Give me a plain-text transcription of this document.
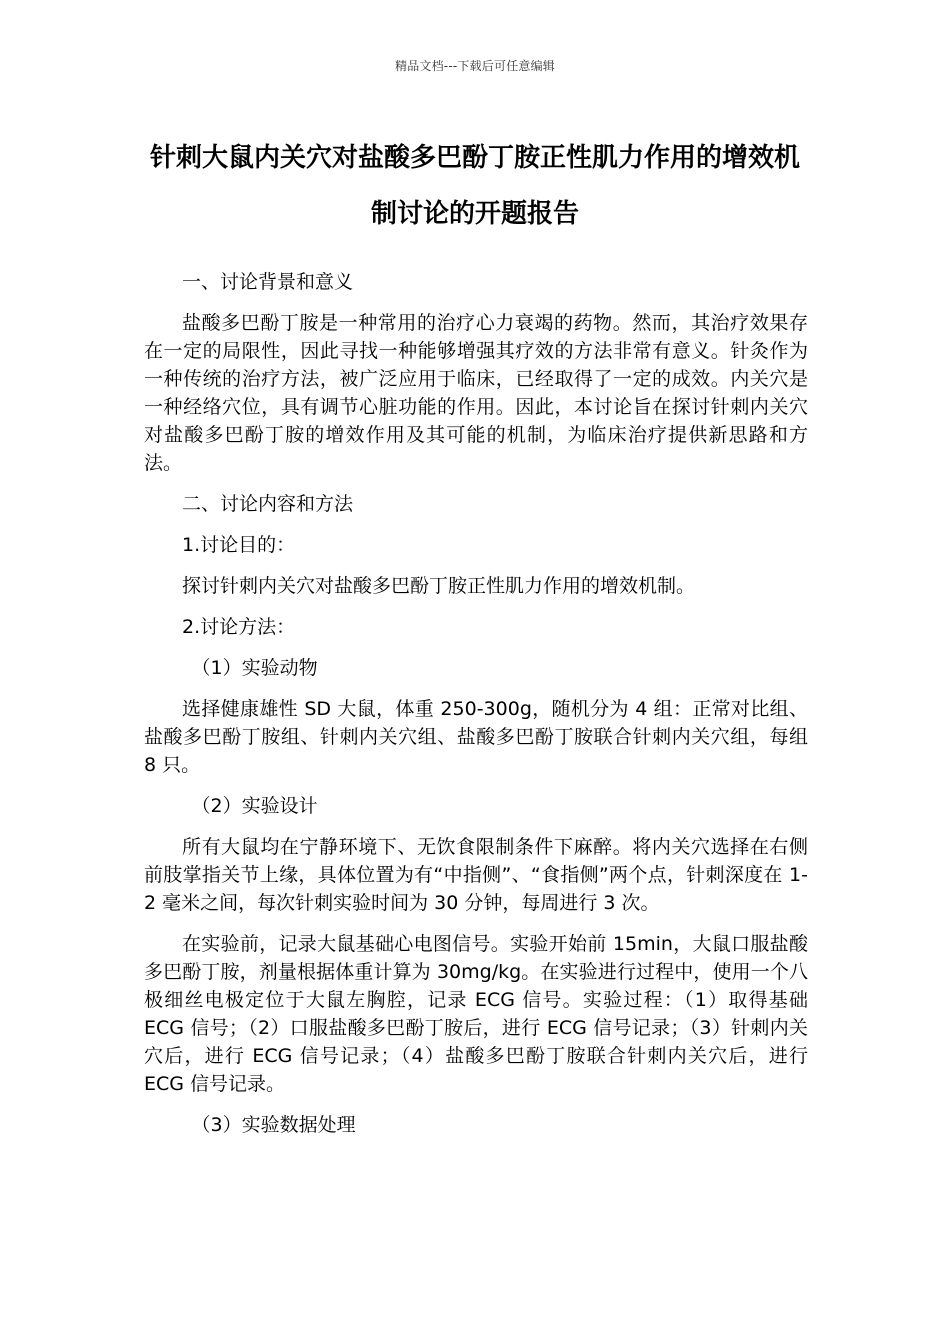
精品文档---下载后可任意编辑
针刺大鼠内关穴对盐酸多巴酚丁胺正性肌力作用的增效机制讨论的开题报告

一、讨论背景和意义

盐酸多巴酚丁胺是一种常用的治疗心力衰竭的药物。然而，其治疗效果存在一定的局限性，因此寻找一种能够增强其疗效的方法非常有意义。针灸作为一种传统的治疗方法，被广泛应用于临床，已经取得了一定的成效。内关穴是一种经络穴位，具有调节心脏功能的作用。因此，本讨论旨在探讨针刺内关穴对盐酸多巴酚丁胺的增效作用及其可能的机制，为临床治疗提供新思路和方法。

二、讨论内容和方法

1.讨论目的：

探讨针刺内关穴对盐酸多巴酚丁胺正性肌力作用的增效机制。

2.讨论方法：

（1）实验动物

选择健康雄性 SD 大鼠，体重 250-300g，随机分为 4 组：正常对比组、盐酸多巴酚丁胺组、针刺内关穴组、盐酸多巴酚丁胺联合针刺内关穴组，每组 8 只。

（2）实验设计

所有大鼠均在宁静环境下、无饮食限制条件下麻醉。将内关穴选择在右侧前肢掌指关节上缘，具体位置为有“中指侧”、“食指侧”两个点，针刺深度在 1-2 毫米之间，每次针刺实验时间为 30 分钟，每周进行 3 次。

在实验前，记录大鼠基础心电图信号。实验开始前 15min，大鼠口服盐酸多巴酚丁胺，剂量根据体重计算为 30mg/kg。在实验进行过程中，使用一个八极细丝电极定位于大鼠左胸腔，记录 ECG 信号。实验过程：（1）取得基础 ECG 信号；（2）口服盐酸多巴酚丁胺后，进行 ECG 信号记录；（3）针刺内关穴后，进行 ECG 信号记录；（4）盐酸多巴酚丁胺联合针刺内关穴后，进行 ECG 信号记录。

（3）实验数据处理
